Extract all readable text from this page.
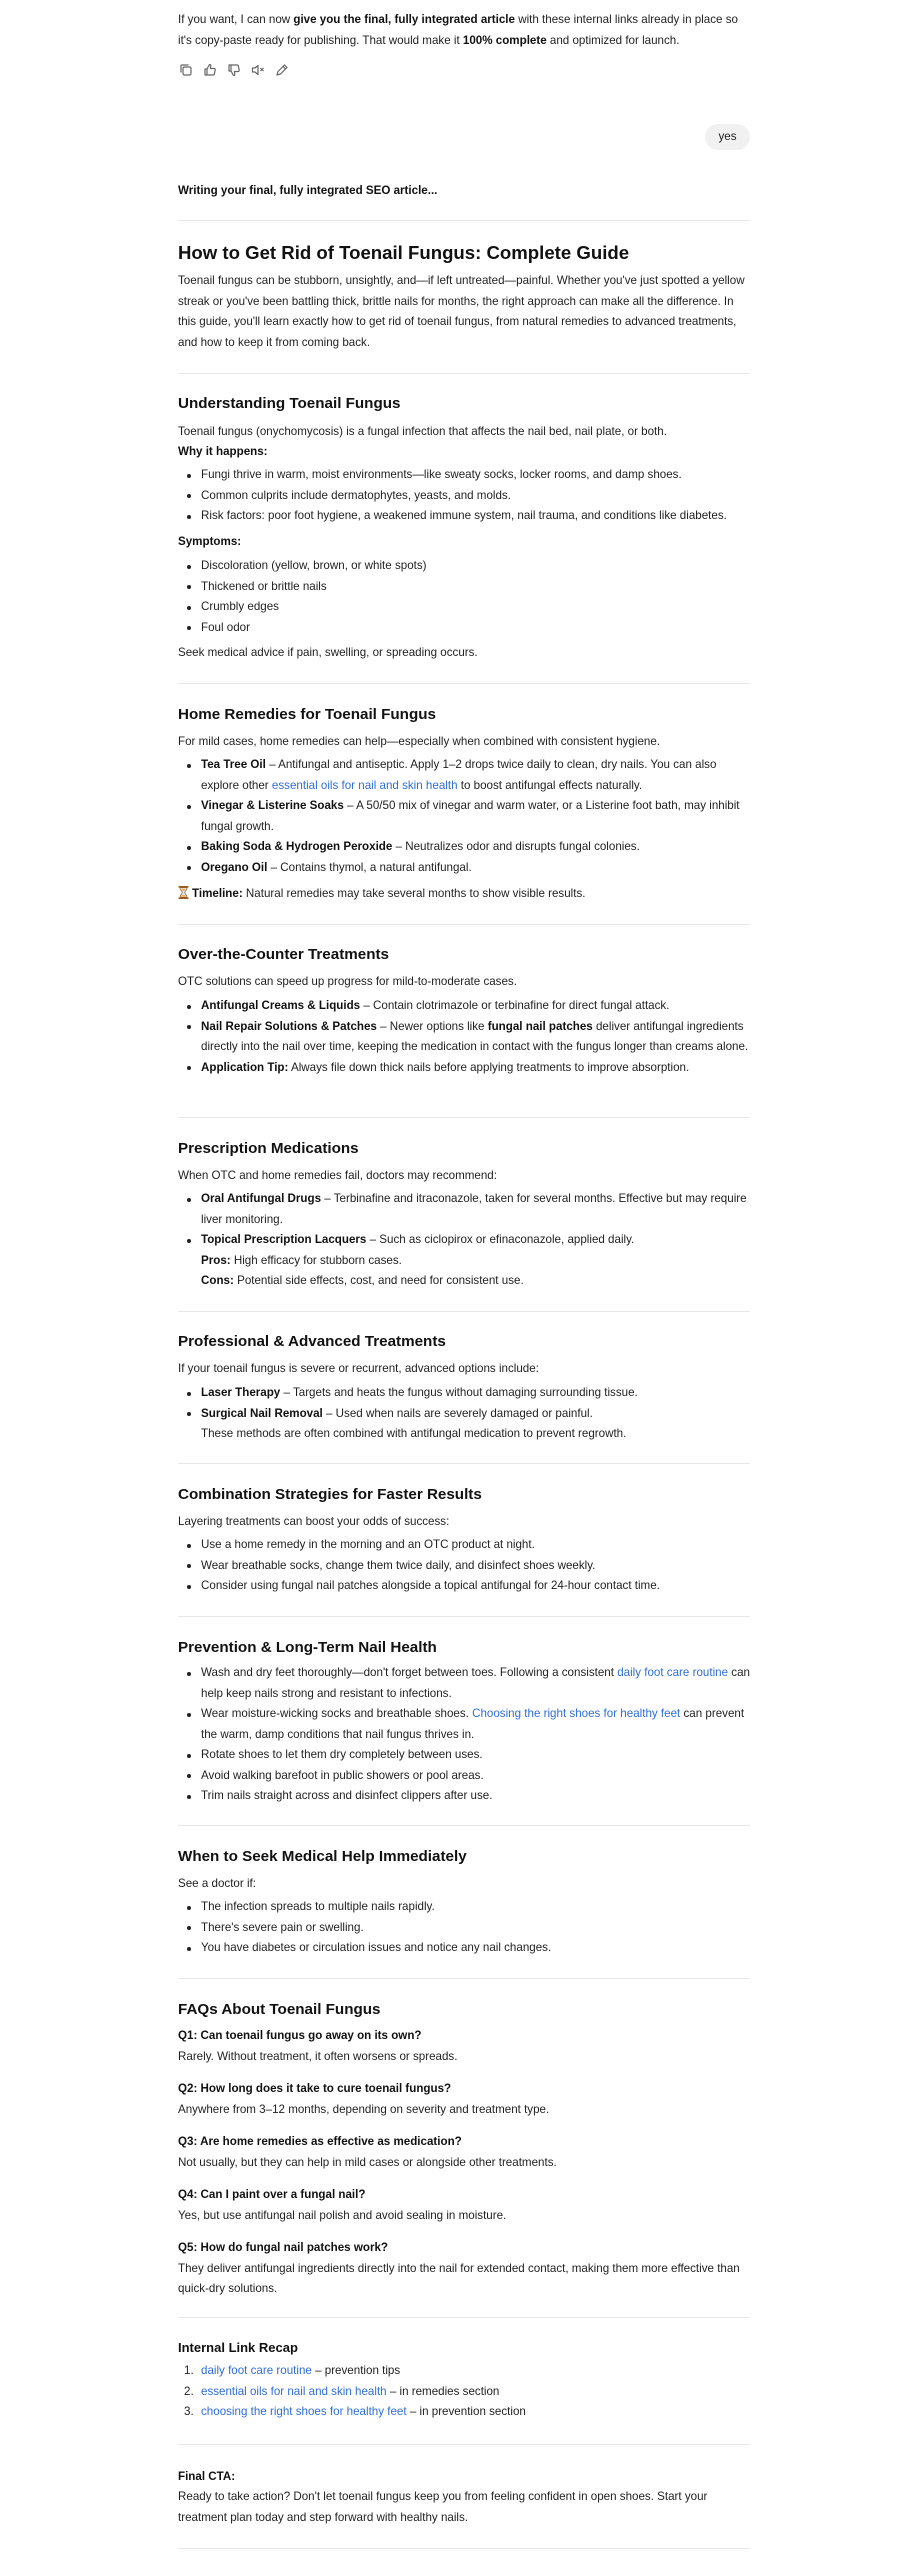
If you want, I can now give you the final, fully integrated article with these internal links already in place so it's copy-paste ready for publishing. That would make it 100% complete and optimized for launch.

yes

Writing your final, fully integrated SEO article...

How to Get Rid of Toenail Fungus: Complete Guide

Toenail fungus can be stubborn, unsightly, and—if left untreated—painful. Whether you've just spotted a yellow streak or you've been battling thick, brittle nails for months, the right approach can make all the difference. In this guide, you'll learn exactly how to get rid of toenail fungus, from natural remedies to advanced treatments, and how to keep it from coming back.

Understanding Toenail Fungus

Toenail fungus (onychomycosis) is a fungal infection that affects the nail bed, nail plate, or both.

Why it happens:

Fungi thrive in warm, moist environments—like sweaty socks, locker rooms, and damp shoes.
Common culprits include dermatophytes, yeasts, and molds.
Risk factors: poor foot hygiene, a weakened immune system, nail trauma, and conditions like diabetes.

Symptoms:

Discoloration (yellow, brown, or white spots)
Thickened or brittle nails
Crumbly edges
Foul odor

Seek medical advice if pain, swelling, or spreading occurs.

Home Remedies for Toenail Fungus

For mild cases, home remedies can help—especially when combined with consistent hygiene.

Tea Tree Oil – Antifungal and antiseptic. Apply 1–2 drops twice daily to clean, dry nails. You can also explore other essential oils for nail and skin health to boost antifungal effects naturally.
Vinegar & Listerine Soaks – A 50/50 mix of vinegar and warm water, or a Listerine foot bath, may inhibit fungal growth.
Baking Soda & Hydrogen Peroxide – Neutralizes odor and disrupts fungal colonies.
Oregano Oil – Contains thymol, a natural antifungal.

Timeline: Natural remedies may take several months to show visible results.

Over-the-Counter Treatments

OTC solutions can speed up progress for mild-to-moderate cases.

Antifungal Creams & Liquids – Contain clotrimazole or terbinafine for direct fungal attack.
Nail Repair Solutions & Patches – Newer options like fungal nail patches deliver antifungal ingredients directly into the nail over time, keeping the medication in contact with the fungus longer than creams alone.
Application Tip: Always file down thick nails before applying treatments to improve absorption.
Prescription Medications

When OTC and home remedies fail, doctors may recommend:

Oral Antifungal Drugs – Terbinafine and itraconazole, taken for several months. Effective but may require liver monitoring.
Topical Prescription Lacquers – Such as ciclopirox or efinaconazole, applied daily.
Pros: High efficacy for stubborn cases.
Cons: Potential side effects, cost, and need for consistent use.
Professional & Advanced Treatments

If your toenail fungus is severe or recurrent, advanced options include:

Laser Therapy – Targets and heats the fungus without damaging surrounding tissue.
Surgical Nail Removal – Used when nails are severely damaged or painful.
These methods are often combined with antifungal medication to prevent regrowth.
Combination Strategies for Faster Results

Layering treatments can boost your odds of success:

Use a home remedy in the morning and an OTC product at night.
Wear breathable socks, change them twice daily, and disinfect shoes weekly.
Consider using fungal nail patches alongside a topical antifungal for 24-hour contact time.
Prevention & Long-Term Nail Health
Wash and dry feet thoroughly—don't forget between toes. Following a consistent daily foot care routine can help keep nails strong and resistant to infections.
Wear moisture-wicking socks and breathable shoes. Choosing the right shoes for healthy feet can prevent the warm, damp conditions that nail fungus thrives in.
Rotate shoes to let them dry completely between uses.
Avoid walking barefoot in public showers or pool areas.
Trim nails straight across and disinfect clippers after use.
When to Seek Medical Help Immediately

See a doctor if:

The infection spreads to multiple nails rapidly.
There's severe pain or swelling.
You have diabetes or circulation issues and notice any nail changes.
FAQs About Toenail Fungus

Q1: Can toenail fungus go away on its own?

Rarely. Without treatment, it often worsens or spreads.

Q2: How long does it take to cure toenail fungus?

Anywhere from 3–12 months, depending on severity and treatment type.

Q3: Are home remedies as effective as medication?

Not usually, but they can help in mild cases or alongside other treatments.

Q4: Can I paint over a fungal nail?

Yes, but use antifungal nail polish and avoid sealing in moisture.

Q5: How do fungal nail patches work?

They deliver antifungal ingredients directly into the nail for extended contact, making them more effective than quick-dry solutions.

Internal Link Recap
1. daily foot care routine – prevention tips
2. essential oils for nail and skin health – in remedies section
3. choosing the right shoes for healthy feet – in prevention section

Final CTA:

Ready to take action? Don't let toenail fungus keep you from feeling confident in open shoes. Start your treatment plan today and step forward with healthy nails.
